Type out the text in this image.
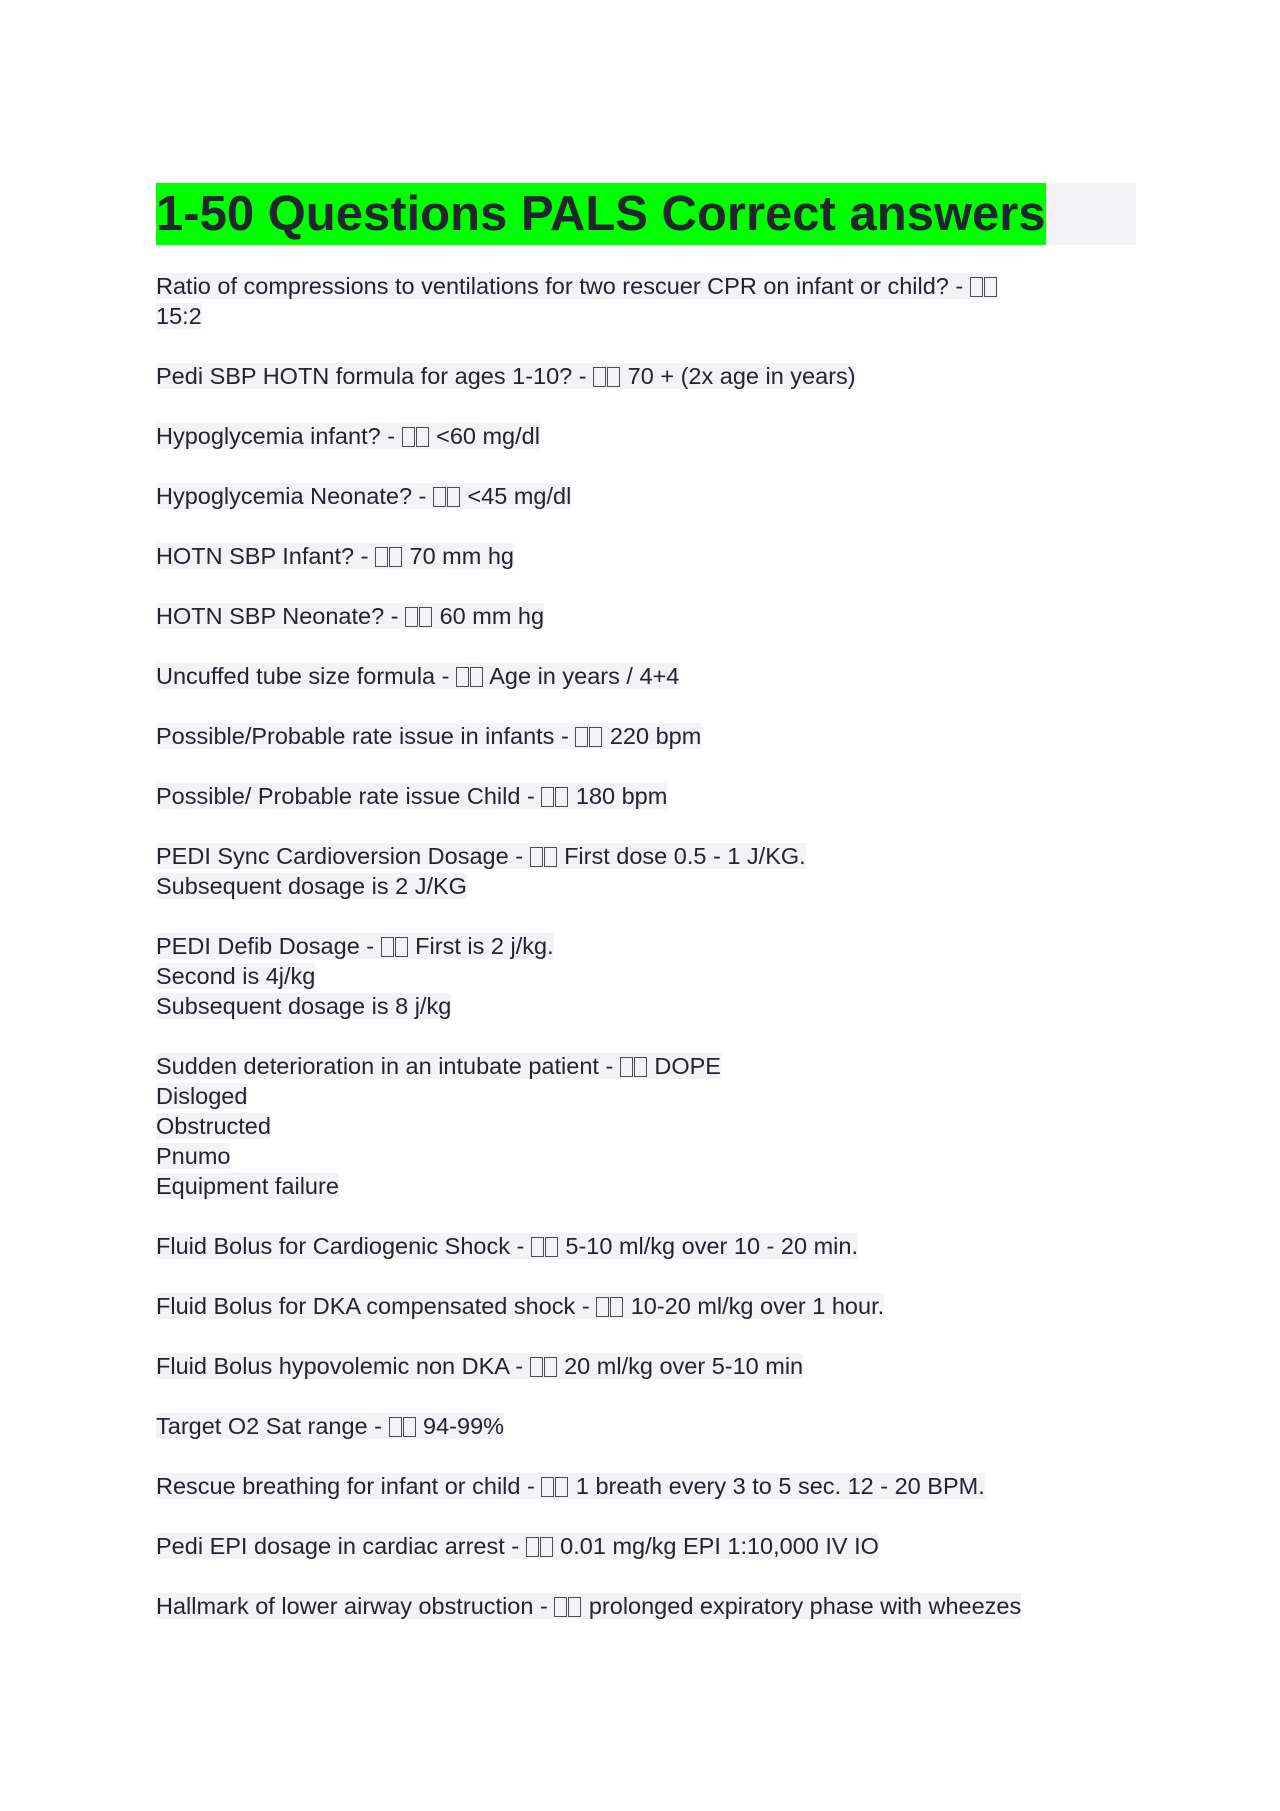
1-50 Questions PALS Correct answers
Ratio of compressions to ventilations for two rescuer CPR on infant or child? -
15:2
Pedi SBP HOTN formula for ages 1-10? -  70 + (2x age in years)
Hypoglycemia infant? -  <60 mg/dl
Hypoglycemia Neonate? -  <45 mg/dl
HOTN SBP Infant? -  70 mm hg
HOTN SBP Neonate? -  60 mm hg
Uncuffed tube size formula -  Age in years / 4+4
Possible/Probable rate issue in infants -  220 bpm
Possible/ Probable rate issue Child -  180 bpm
PEDI Sync Cardioversion Dosage -  First dose 0.5 - 1 J/KG.
Subsequent dosage is 2 J/KG
PEDI Defib Dosage -  First is 2 j/kg.
Second is 4j/kg
Subsequent dosage is 8 j/kg
Sudden deterioration in an intubate patient -  DOPE
Disloged
Obstructed
Pnumo
Equipment failure
Fluid Bolus for Cardiogenic Shock -  5-10 ml/kg over 10 - 20 min.
Fluid Bolus for DKA compensated shock -  10-20 ml/kg over 1 hour.
Fluid Bolus hypovolemic non DKA -  20 ml/kg over 5-10 min
Target O2 Sat range -  94-99%
Rescue breathing for infant or child -  1 breath every 3 to 5 sec. 12 - 20 BPM.
Pedi EPI dosage in cardiac arrest -  0.01 mg/kg EPI 1:10,000 IV IO
Hallmark of lower airway obstruction -  prolonged expiratory phase with wheezes
